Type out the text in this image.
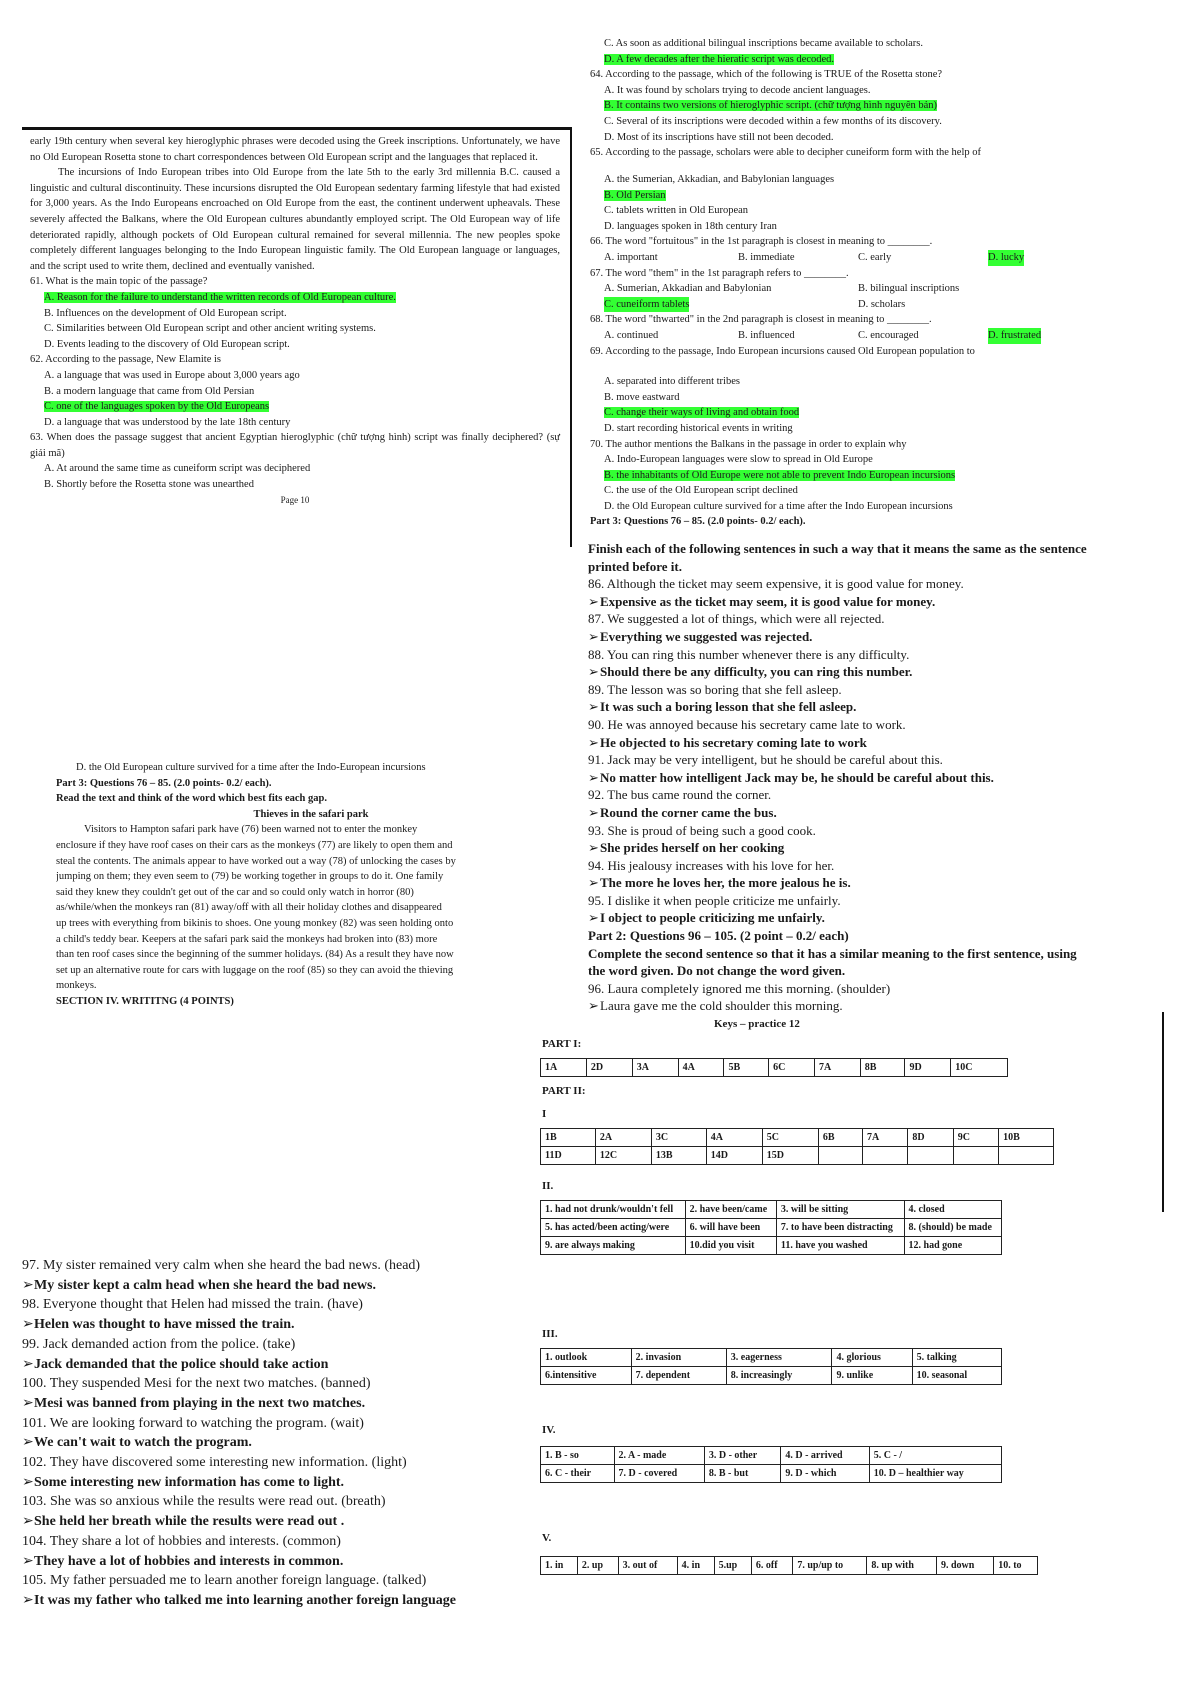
C. As soon as additional bilingual inscriptions became available to scholars.
D. A few decades after the hieratic script was decoded.
64. According to the passage, which of the following is TRUE of the Rosetta stone?
A. It was found by scholars trying to decode ancient languages.
B. It contains two versions of hieroglyphic script. (chữ tượng hình nguyên bản)
C. Several of its inscriptions were decoded within a few months of its discovery.
D. Most of its inscriptions have still not been decoded.
65. According to the passage, scholars were able to decipher cuneiform form with the help of
A. the Sumerian, Akkadian, and Babylonian languages
B. Old Persian
C. tablets written in Old European
D. languages spoken in 18th century Iran
66. The word "fortuitous" in the 1st paragraph is closest in meaning to ________.
A. important	B. immediate	C. early	D. lucky
67. The word "them" in the 1st paragraph refers to ________.
A. Sumerian, Akkadian and Babylonian	B. bilingual inscriptions
C. cuneiform tablets	D. scholars
68. The word "thwarted" in the 2nd paragraph is closest in meaning to ________.
A. continued	B. influenced	C. encouraged	D. frustrated
69. According to the passage, Indo European incursions caused Old European population to
A. separated into different tribes
B. move eastward
C. change their ways of living and obtain food
D. start recording historical events in writing
70. The author mentions the Balkans in the passage in order to explain why
A. Indo-European languages were slow to spread in Old Europe
B. the inhabitants of Old Europe were not able to prevent Indo European incursions
C. the use of the Old European script declined
D. the Old European culture survived for a time after the Indo European incursions
Part 3: Questions 76 – 85. (2.0 points- 0.2/ each).
early 19th century when several key hieroglyphic phrases were decoded using the Greek inscriptions. Unfortunately, we have no Old European Rosetta stone to chart correspondences between Old European script and the languages that replaced it.
The incursions of Indo European tribes into Old Europe from the late 5th to the early 3rd millennia B.C. caused a linguistic and cultural discontinuity. These incursions disrupted the Old European sedentary farming lifestyle that had existed for 3,000 years. As the Indo Europeans encroached on Old Europe from the east, the continent underwent upheavals. These severely affected the Balkans, where the Old European cultures abundantly employed script. The Old European way of life deteriorated rapidly, although pockets of Old European cultural remained for several millennia. The new peoples spoke completely different languages belonging to the Indo European linguistic family. The Old European language or languages, and the script used to write them, declined and eventually vanished.
61. What is the main topic of the passage?
A. Reason for the failure to understand the written records of Old European culture.
B. Influences on the development of Old European script.
C. Similarities between Old European script and other ancient writing systems.
D. Events leading to the discovery of Old European script.
62. According to the passage, New Elamite is
A. a language that was used in Europe about 3,000 years ago
B. a modern language that came from Old Persian
C. one of the languages spoken by the Old Europeans
D. a language that was understood by the late 18th century
63. When does the passage suggest that ancient Egyptian hieroglyphic (chữ tượng hình) script was finally deciphered? (sự giải mã)
A. At around the same time as cuneiform script was deciphered
B. Shortly before the Rosetta stone was unearthed
Page 10
D. the Old European culture survived for a time after the Indo-European incursions
Part 3: Questions 76 – 85. (2.0 points- 0.2/ each).
Read the text and think of the word which best fits each gap.
Thieves in the safari park
Visitors to Hampton safari park have (76) been warned not to enter the monkey
enclosure if they have roof cases on their cars as the monkeys (77) are likely to open them and
steal the contents. The animals appear to have worked out a way (78) of unlocking the cases by
jumping on them; they even seem to (79) be working together in groups to do it. One family
said they knew they couldn't get out of the car and so could only watch in horror (80)
as/while/when the monkeys ran (81) away/off with all their holiday clothes and disappeared
up trees with everything from bikinis to shoes. One young monkey (82) was seen holding onto
a child's teddy bear. Keepers at the safari park said the monkeys had broken into (83) more
than ten roof cases since the beginning of the summer holidays. (84) As a result they have now
set up an alternative route for cars with luggage on the roof (85) so they can avoid the thieving
monkeys.
SECTION IV. WRITITNG (4 POINTS)
Finish each of the following sentences in such a way that it means the same as the sentence
printed before it.
86. Although the ticket may seem expensive, it is good value for money.
➢Expensive as the ticket may seem, it is good value for money.
87. We suggested a lot of things, which were all rejected.
➢Everything we suggested was rejected.
88. You can ring this number whenever there is any difficulty.
➢Should there be any difficulty, you can ring this number.
89. The lesson was so boring that she fell asleep.
➢It was such a boring lesson that she fell asleep.
90. He was annoyed because his secretary came late to work.
➢He objected to his secretary coming late to work
91. Jack may be very intelligent, but he should be careful about this.
➢No matter how intelligent Jack may be, he should be careful about this.
92. The bus came round the corner.
➢Round the corner came the bus.
93. She is proud of being such a good cook.
➢She prides herself on her cooking
94. His jealousy increases with his love for her.
➢The more he loves her, the more jealous he is.
95. I dislike it when people criticize me unfairly.
➢I object to people criticizing me unfairly.
Part 2: Questions 96 – 105. (2 point – 0.2/ each)
Complete the second sentence so that it has a similar meaning to the first sentence, using
the word given. Do not change the word given.
96. Laura completely ignored me this morning. (shoulder)
➢Laura gave me the cold shoulder this morning.
97. My sister remained very calm when she heard the bad news. (head)
➢My sister kept a calm head when she heard the bad news.
98. Everyone thought that Helen had missed the train. (have)
➢Helen was thought to have missed the train.
99. Jack demanded action from the police. (take)
➢Jack demanded that the police should take action
100. They suspended Mesi for the next two matches. (banned)
➢Mesi was banned from playing in the next two matches.
101. We are looking forward to watching the program. (wait)
➢We can't wait to watch the program.
102. They have discovered some interesting new information. (light)
➢Some interesting new information has come to light.
103. She was so anxious while the results were read out. (breath)
➢She held her breath while the results were read out .
104. They share a lot of hobbies and interests. (common)
➢They have a lot of hobbies and interests in common.
105. My father persuaded me to learn another foreign language. (talked)
➢It was my father who talked me into learning another foreign language
Keys – practice 12
PART I:
1A	2D	3A	4A	5B	6C	7A	8B	9D	10C
PART II:
I
1B	2A	3C	4A	5C	6B	7A	8D	9C	10B
11D	12C	13B	14D	15D					
II.
1. had not drunk/wouldn't fell	2. have been/came	3. will be sitting	4. closed
5. has acted/been acting/were	6. will have been	7. to have been distracting	8. (should) be made
9. are always making	10.did you visit	11. have you washed	12. had gone
III.
1. outlook	2. invasion	3. eagerness	4. glorious	5. talking
6.intensitive	7. dependent	8. increasingly	9. unlike	10. seasonal
IV.
1. B - so	2. A - made	3. D - other	4. D - arrived	5. C - /
6. C - their	7. D - covered	8. B - but	9. D - which	10. D – healthier way
V.
1. in	2. up	3. out of	4. in	5.up	6. off	7. up/up to	8. up with	9. down	10. to
